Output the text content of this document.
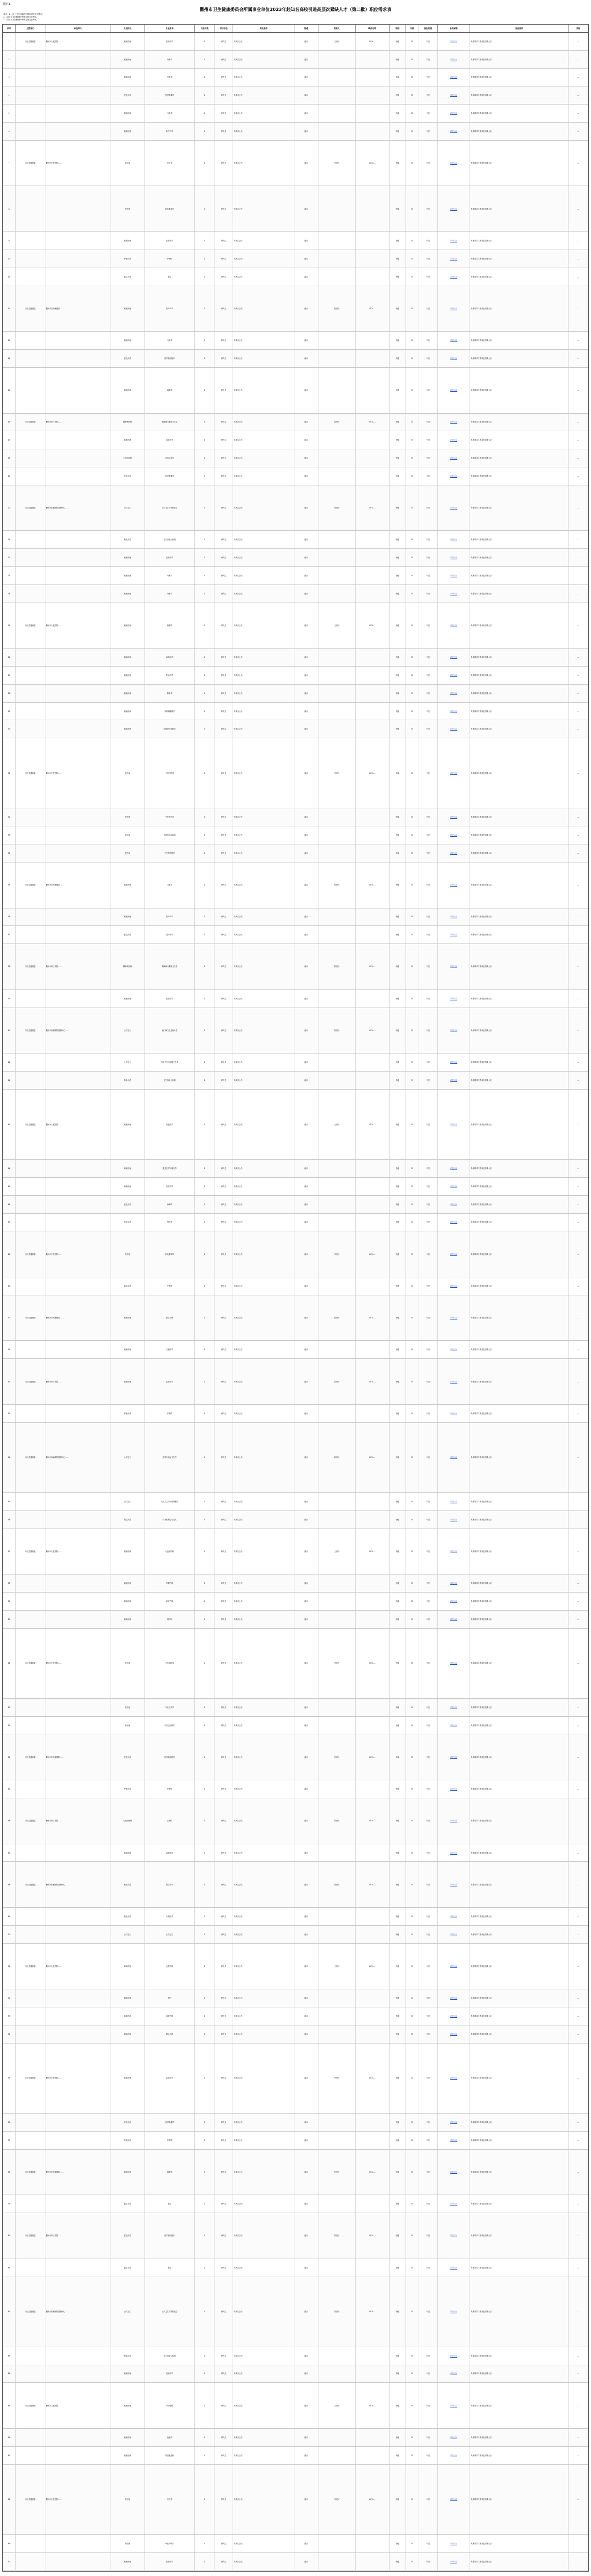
附件1
衢州市卫生健康委员会所属事业单位2023年赴知名高校引进高层次紧缺人才（第二批）职位需求表
备注：1.（以下文字因截图分辨率过低无法辨认）
2.（以下文字因截图分辨率过低无法辨认）
3.（以下文字因截图分辨率过低无法辨认）
序号	主管部门	单位简介	引进岗位	专业要求	引进人数	学历学位	其他条件	待遇	联系人	联系电话	职称	年龄	岗位类别	报名邮箱	备注说明	其他
1	市卫生健康委	衢州市人民医院……	临床医师	临床医学	1	研究生	见单位公告	面议	王老师	0570-…	中级	35	专技	详见公告	具体要求详见单位招聘公告	—
2	临床医师	内科学	1	研究生	见单位公告	面议	中级	35	专技	详见公告	具体要求详见单位招聘公告	—
3	临床医师	外科学	1	研究生	见单位公告	面议	中级	35	专技	详见公告	具体要求详见单位招聘公告	—
4	医技人员	医学影像学	1	研究生	见单位公告	面议	中级	35	专技	详见公告	具体要求详见单位招聘公告	—
5	临床医师	儿科学	1	研究生	见单位公告	面议	中级	35	专技	详见公告	具体要求详见单位招聘公告	—
6	临床医师	妇产科学	1	研究生	见单位公告	面议	中级	35	专技	详见公告	具体要求详见单位招聘公告	—
7	市卫生健康委	衢州市中医医院……	中医师	中医学	1	研究生	见单位公告	面议	李老师	0570-…	中级	35	专技	详见公告	具体要求详见单位招聘公告	—
8	中医师	针灸推拿学	1	研究生	见单位公告	面议	中级	35	专技	详见公告	具体要求详见单位招聘公告	—
9	临床医师	临床医学	1	研究生	见单位公告	面议	中级	35	专技	详见公告	具体要求详见单位招聘公告	—
10	护理人员	护理学	1	研究生	见单位公告	面议	中级	35	专技	详见公告	具体要求详见单位招聘公告	—
11	药学人员	药学	1	研究生	见单位公告	面议	中级	35	专技	详见公告	具体要求详见单位招聘公告	—
12	市卫生健康委	衢州市妇幼保健院……	临床医师	妇产科学	1	研究生	见单位公告	面议	张老师	0570-…	中级	35	专技	详见公告	具体要求详见单位招聘公告	—
13	临床医师	儿科学	1	研究生	见单位公告	面议	中级	35	专技	详见公告	具体要求详见单位招聘公告	—
14	医技人员	医学检验技术	1	研究生	见单位公告	面议	中级	35	专技	详见公告	具体要求详见单位招聘公告	—
15	临床医师	麻醉学	1	研究生	见单位公告	面议	中级	35	专技	详见公告	具体要求详见单位招聘公告	—
16	市卫生健康委	衢州市第三医院……	精神科医师	精神病与精神卫生学	1	研究生	见单位公告	面议	陈老师	0570-…	中级	35	专技	详见公告	具体要求详见单位招聘公告	—
17	临床医师	临床医学	1	研究生	见单位公告	面议	中级	35	专技	详见公告	具体要求详见单位招聘公告	—
18	心理治疗师	应用心理学	1	研究生	见单位公告	面议	中级	35	专技	详见公告	具体要求详见单位招聘公告	—
19	医技人员	医学影像学	1	研究生	见单位公告	面议	中级	35	专技	详见公告	具体要求详见单位招聘公告	—
20	市卫生健康委	衢州市疾病预防控制中心……	公共卫生	公共卫生与预防医学	1	研究生	见单位公告	面议	刘老师	0570-…	中级	35	专技	详见公告	具体要求详见单位招聘公告	—
21	检验人员	卫生检验与检疫	1	研究生	见单位公告	面议	中级	35	专技	详见公告	具体要求详见单位招聘公告	—
22	临床医师	临床医学	1	研究生	见单位公告	面议	中级	35	专技	详见公告	具体要求详见单位招聘公告	—
23	临床医师	内科学	1	研究生	见单位公告	面议	中级	35	专技	详见公告	具体要求详见单位招聘公告	—
24	临床医师	外科学	1	研究生	见单位公告	面议	中级	35	专技	详见公告	具体要求详见单位招聘公告	—
25	市卫生健康委	衢州市人民医院……	临床医师	肿瘤学	1	研究生	见单位公告	面议	王老师	0570-…	中级	35	专技	详见公告	具体要求详见单位招聘公告	—
26	临床医师	神经病学	1	研究生	见单位公告	面议	中级	35	专技	详见公告	具体要求详见单位招聘公告	—
27	临床医师	急诊医学	1	研究生	见单位公告	面议	中级	35	专技	详见公告	具体要求详见单位招聘公告	—
28	临床医师	眼科学	1	研究生	见单位公告	面议	中级	35	专技	详见公告	具体要求详见单位招聘公告	—
29	临床医师	耳鼻咽喉科学	1	研究生	见单位公告	面议	中级	35	专技	详见公告	具体要求详见单位招聘公告	—
30	临床医师	皮肤病与性病学	1	研究生	见单位公告	面议	中级	35	专技	详见公告	具体要求详见单位招聘公告	—
31	市卫生健康委	衢州市中医医院……	中医师	中医内科学	1	研究生	见单位公告	面议	李老师	0570-…	中级	35	专技	详见公告	具体要求详见单位招聘公告	—
32	中医师	中医外科学	1	研究生	见单位公告	面议	中级	35	专技	详见公告	具体要求详见单位招聘公告	—
33	中医师	中西医结合临床	1	研究生	见单位公告	面议	中级	35	专技	详见公告	具体要求详见单位招聘公告	—
34	中医师	中医骨伤科学	1	研究生	见单位公告	面议	中级	35	专技	详见公告	具体要求详见单位招聘公告	—
35	市卫生健康委	衢州市妇幼保健院……	临床医师	儿科学	1	研究生	见单位公告	面议	张老师	0570-…	中级	35	专技	详见公告	具体要求详见单位招聘公告	—
36	临床医师	妇产科学	1	研究生	见单位公告	面议	中级	35	专技	详见公告	具体要求详见单位招聘公告	—
37	医技人员	超声医学	1	研究生	见单位公告	面议	中级	35	专技	详见公告	具体要求详见单位招聘公告	—
38	市卫生健康委	衢州市第三医院……	精神科医师	精神病与精神卫生学	1	研究生	见单位公告	面议	陈老师	0570-…	中级	35	专技	详见公告	具体要求详见单位招聘公告	—
39	临床医师	临床医学	1	研究生	见单位公告	面议	中级	35	专技	详见公告	具体要求详见单位招聘公告	—
40	市卫生健康委	衢州市疾病预防控制中心……	公共卫生	流行病与卫生统计学	1	研究生	见单位公告	面议	刘老师	0570-…	中级	35	专技	详见公告	具体要求详见单位招聘公告	—
41	公共卫生	劳动卫生与环境卫生学	1	研究生	见单位公告	面议	中级	35	专技	详见公告	具体要求详见单位招聘公告	—
42	检验人员	卫生检验与检疫	1	研究生	见单位公告	面议	中级	35	专技	详见公告	具体要求详见单位招聘公告	—
43	市卫生健康委	衢州市人民医院……	临床医师	重症医学	1	研究生	见单位公告	面议	王老师	0570-…	中级	35	专技	详见公告	具体要求详见单位招聘公告	—
44	临床医师	康复医学与理疗学	1	研究生	见单位公告	面议	中级	35	专技	详见公告	具体要求详见单位招聘公告	—
45	临床医师	老年医学	1	研究生	见单位公告	面议	中级	35	专技	详见公告	具体要求详见单位招聘公告	—
46	医技人员	病理学	1	研究生	见单位公告	面议	中级	35	专技	详见公告	具体要求详见单位招聘公告	—
47	医技人员	核医学	1	研究生	见单位公告	面议	中级	35	专技	详见公告	具体要求详见单位招聘公告	—
48	市卫生健康委	衢州市中医医院……	中医师	针灸推拿学	1	研究生	见单位公告	面议	李老师	0570-…	中级	35	专技	详见公告	具体要求详见单位招聘公告	—
49	药学人员	中药学	1	研究生	见单位公告	面议	中级	35	专技	详见公告	具体要求详见单位招聘公告	—
50	市卫生健康委	衢州市妇幼保健院……	临床医师	新生儿科	1	研究生	见单位公告	面议	张老师	0570-…	中级	35	专技	详见公告	具体要求详见单位招聘公告	—
51	临床医师	生殖医学	1	研究生	见单位公告	面议	中级	35	专技	详见公告	具体要求详见单位招聘公告	—
52	市卫生健康委	衢州市第三医院……	临床医师	临床医学	1	研究生	见单位公告	面议	陈老师	0570-…	中级	35	专技	详见公告	具体要求详见单位招聘公告	—
53	护理人员	护理学	1	研究生	见单位公告	面议	中级	35	专技	详见公告	具体要求详见单位招聘公告	—
54	市卫生健康委	衢州市疾病预防控制中心……	公共卫生	营养与食品卫生学	1	研究生	见单位公告	面议	刘老师	0570-…	中级	35	专技	详见公告	具体要求详见单位招聘公告	—
55	公共卫生	儿少卫生与妇幼保健学	1	研究生	见单位公告	面议	中级	35	专技	详见公告	具体要求详见单位招聘公告	—
56	信息人员	计算机科学与技术	1	研究生	见单位公告	面议	中级	35	专技	详见公告	具体要求详见单位招聘公告	—
57	市卫生健康委	衢州市人民医院……	临床医师	心血管内科	1	研究生	见单位公告	面议	王老师	0570-…	中级	35	专技	详见公告	具体要求详见单位招聘公告	—
58	临床医师	呼吸内科	1	研究生	见单位公告	面议	中级	35	专技	详见公告	具体要求详见单位招聘公告	—
59	临床医师	消化内科	1	研究生	见单位公告	面议	中级	35	专技	详见公告	具体要求详见单位招聘公告	—
60	临床医师	肾内科	1	研究生	见单位公告	面议	中级	35	专技	详见公告	具体要求详见单位招聘公告	—
61	市卫生健康委	衢州市中医医院……	中医师	中医妇科学	1	研究生	见单位公告	面议	李老师	0570-…	中级	35	专技	详见公告	具体要求详见单位招聘公告	—
62	中医师	中医儿科学	1	研究生	见单位公告	面议	中级	35	专技	详见公告	具体要求详见单位招聘公告	—
63	中医师	中医五官科学	1	研究生	见单位公告	面议	中级	35	专技	详见公告	具体要求详见单位招聘公告	—
64	市卫生健康委	衢州市妇幼保健院……	医技人员	医学检验技术	1	研究生	见单位公告	面议	张老师	0570-…	中级	35	专技	详见公告	具体要求详见单位招聘公告	—
65	护理人员	护理学	1	研究生	见单位公告	面议	中级	35	专技	详见公告	具体要求详见单位招聘公告	—
66	市卫生健康委	衢州市第三医院……	心理治疗师	心理学	1	研究生	见单位公告	面议	陈老师	0570-…	中级	35	专技	详见公告	具体要求详见单位招聘公告	—
67	临床医师	神经病学	1	研究生	见单位公告	面议	中级	35	专技	详见公告	具体要求详见单位招聘公告	—
68	市卫生健康委	衢州市疾病预防控制中心……	检验人员	微生物学	1	研究生	见单位公告	面议	刘老师	0570-…	中级	35	专技	详见公告	具体要求详见单位招聘公告	—
69	检验人员	分析化学	1	研究生	见单位公告	面议	中级	35	专技	详见公告	具体要求详见单位招聘公告	—
70	公共卫生	公共卫生	1	研究生	见单位公告	面议	中级	35	专技	详见公告	具体要求详见单位招聘公告	—
71	市卫生健康委	衢州市人民医院……	临床医师	泌尿外科	1	研究生	见单位公告	面议	王老师	0570-…	中级	35	专技	详见公告	具体要求详见单位招聘公告	—
72	临床医师	骨科	1	研究生	见单位公告	面议	中级	35	专技	详见公告	具体要求详见单位招聘公告	—
73	临床医师	神经外科	1	研究生	见单位公告	面议	中级	35	专技	详见公告	具体要求详见单位招聘公告	—
74	临床医师	胸心外科	1	研究生	见单位公告	面议	中级	35	专技	详见公告	具体要求详见单位招聘公告	—
75	市卫生健康委	衢州市中医医院……	临床医师	临床医学	1	研究生	见单位公告	面议	李老师	0570-…	中级	35	专技	详见公告	具体要求详见单位招聘公告	—
76	医技人员	医学影像学	1	研究生	见单位公告	面议	中级	35	专技	详见公告	具体要求详见单位招聘公告	—
77	护理人员	护理学	1	研究生	见单位公告	面议	中级	35	专技	详见公告	具体要求详见单位招聘公告	—
78	市卫生健康委	衢州市妇幼保健院……	临床医师	麻醉学	1	研究生	见单位公告	面议	张老师	0570-…	中级	35	专技	详见公告	具体要求详见单位招聘公告	—
79	药学人员	药学	1	研究生	见单位公告	面议	中级	35	专技	详见公告	具体要求详见单位招聘公告	—
80	市卫生健康委	衢州市第三医院……	医技人员	医学检验技术	1	研究生	见单位公告	面议	陈老师	0570-…	中级	35	专技	详见公告	具体要求详见单位招聘公告	—
81	药学人员	药学	1	研究生	见单位公告	面议	中级	35	专技	详见公告	具体要求详见单位招聘公告	—
82	市卫生健康委	衢州市疾病预防控制中心……	公共卫生	公共卫生与预防医学	1	研究生	见单位公告	面议	刘老师	0570-…	中级	35	专技	详见公告	具体要求详见单位招聘公告	—
83	检验人员	卫生检验与检疫	1	研究生	见单位公告	面议	中级	35	专技	详见公告	具体要求详见单位招聘公告	—
84	临床医师	临床医学	1	研究生	见单位公告	面议	中级	35	专技	详见公告	具体要求详见单位招聘公告	—
85	市卫生健康委	衢州市人民医院……	临床医师	内分泌科	1	研究生	见单位公告	面议	王老师	0570-…	中级	35	专技	详见公告	具体要求详见单位招聘公告	—
86	临床医师	血液科	1	研究生	见单位公告	面议	中级	35	专技	详见公告	具体要求详见单位招聘公告	—
87	临床医师	风湿免疫科	1	研究生	见单位公告	面议	中级	35	专技	详见公告	具体要求详见单位招聘公告	—
88	市卫生健康委	衢州市中医医院……	中医师	中医学	1	研究生	见单位公告	面议	李老师	0570-…	中级	35	专技	详见公告	具体要求详见单位招聘公告	—
89	中医师	中医内科学	1	研究生	见单位公告	面议	中级	35	专技	详见公告	具体要求详见单位招聘公告	—
90	临床医师	临床医学	1	研究生	见单位公告	面议	中级	35	专技	详见公告	具体要求详见单位招聘公告	—
